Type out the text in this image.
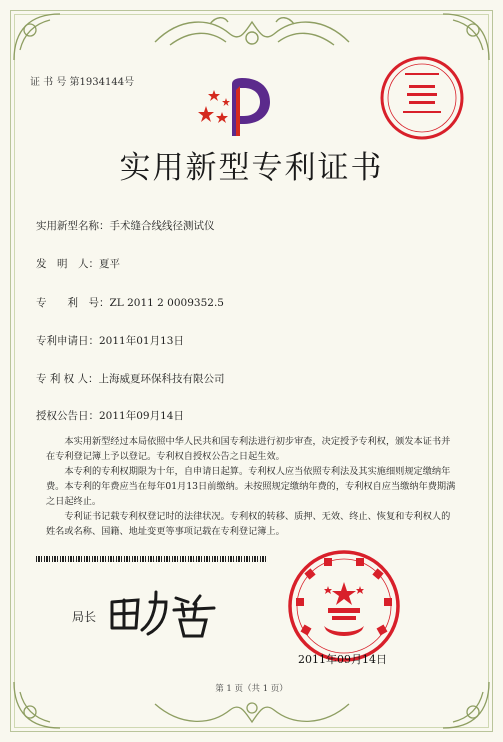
证 书 号 第1934144号
实用新型专利证书
实用新型名称：手术缝合线线径测试仪
发　明　人：夏平
专　　利　号：ZL 2011 2 0009352.5
专利申请日：2011年01月13日
专 利 权 人：上海威夏环保科技有限公司
授权公告日：2011年09月14日

本实用新型经过本局依照中华人民共和国专利法进行初步审查，决定授予专利权，颁发本证书并在专利登记簿上予以登记。专利权自授权公告之日起生效。

本专利的专利权期限为十年，自申请日起算。专利权人应当依照专利法及其实施细则规定缴纳年费。本专利的年费应当在每年01月13日前缴纳。未按照规定缴纳年费的，专利权自应当缴纳年费期满之日起终止。

专利证书记载专利权登记时的法律状况。专利权的转移、质押、无效、终止、恢复和专利权人的姓名或名称、国籍、地址变更等事项记载在专利登记簿上。

局长
2011年09月14日
第 1 页（共 1 页）
